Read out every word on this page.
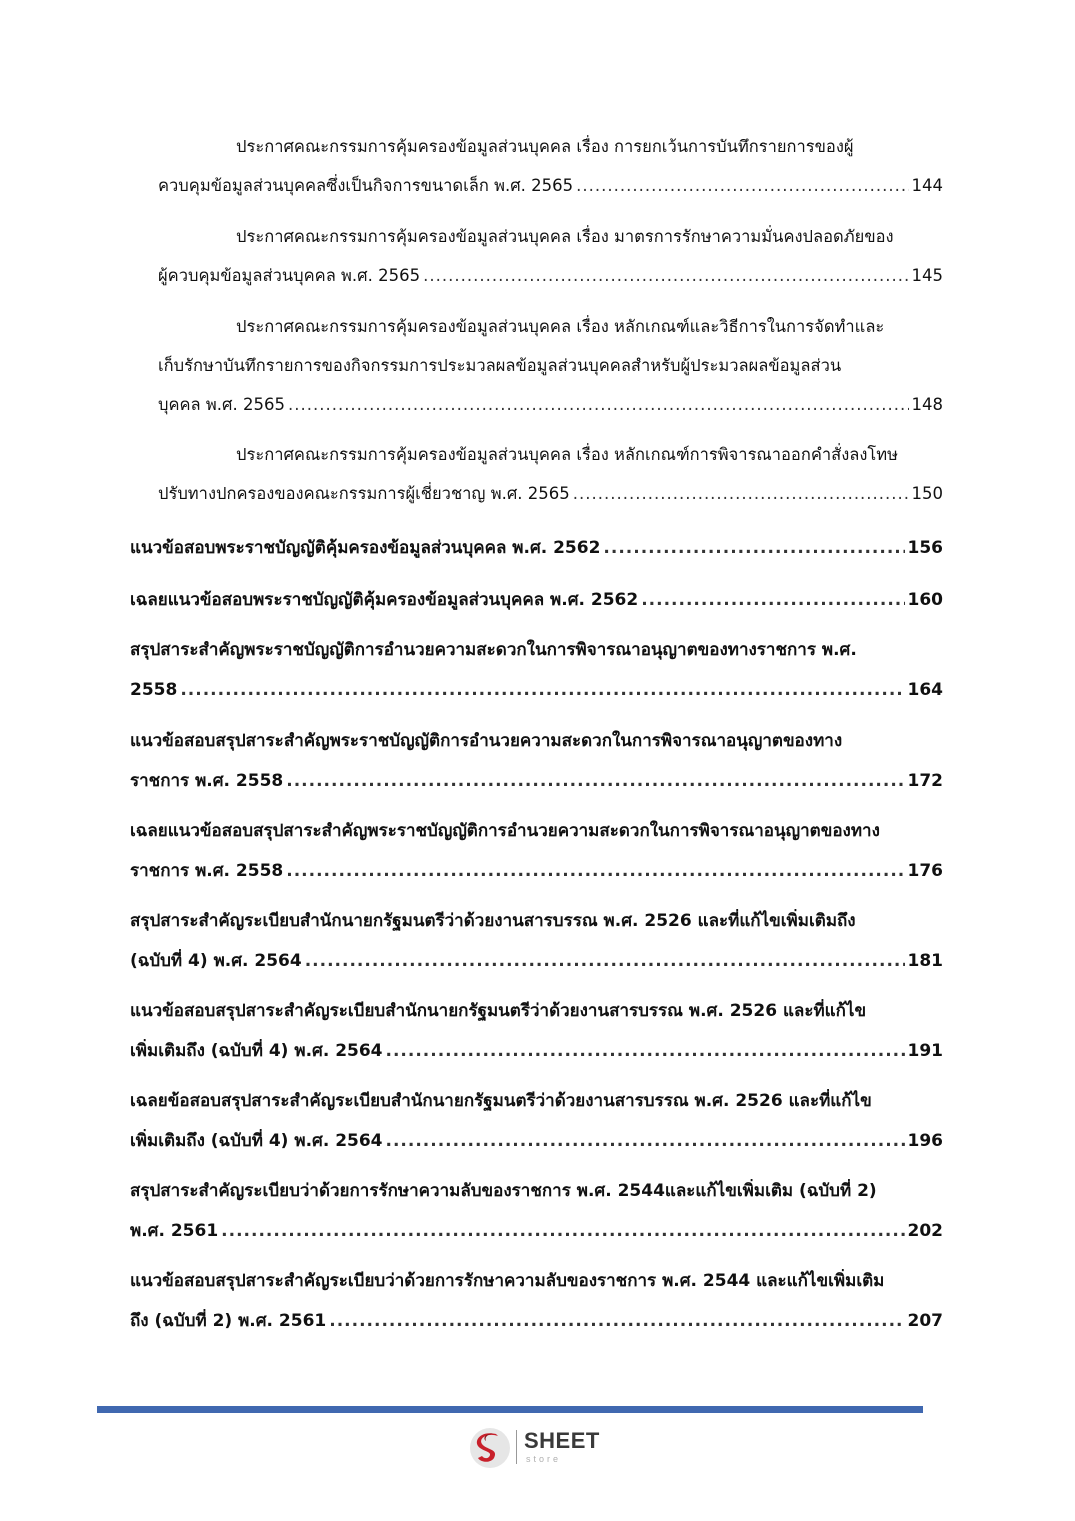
ประกาศคณะกรรมการคุ้มครองข้อมูลส่วนบุคคล เรื่อง การยกเว้นการบันทึกรายการของผู้
ควบคุมข้อมูลส่วนบุคคลซึ่งเป็นกิจการขนาดเล็ก พ.ศ. 2565 .....	144
ประกาศคณะกรรมการคุ้มครองข้อมูลส่วนบุคคล เรื่อง มาตรการรักษาความมั่นคงปลอดภัยของ
ผู้ควบคุมข้อมูลส่วนบุคคล พ.ศ. 2565 .....	145
ประกาศคณะกรรมการคุ้มครองข้อมูลส่วนบุคคล เรื่อง หลักเกณฑ์และวิธีการในการจัดทำและ
เก็บรักษาบันทึกรายการของกิจกรรมการประมวลผลข้อมูลส่วนบุคคลสำหรับผู้ประมวลผลข้อมูลส่วน
บุคคล พ.ศ. 2565 .....	148
ประกาศคณะกรรมการคุ้มครองข้อมูลส่วนบุคคล เรื่อง หลักเกณฑ์การพิจารณาออกคำสั่งลงโทษ
ปรับทางปกครองของคณะกรรมการผู้เชี่ยวชาญ พ.ศ. 2565 .....	150
แนวข้อสอบพระราชบัญญัติคุ้มครองข้อมูลส่วนบุคคล พ.ศ. 2562 .....	156
เฉลยแนวข้อสอบพระราชบัญญัติคุ้มครองข้อมูลส่วนบุคคล พ.ศ. 2562 .....	160
สรุปสาระสำคัญพระราชบัญญัติการอำนวยความสะดวกในการพิจารณาอนุญาตของทางราชการ พ.ศ.
2558 .....	164
แนวข้อสอบสรุปสาระสำคัญพระราชบัญญัติการอำนวยความสะดวกในการพิจารณาอนุญาตของทาง
ราชการ พ.ศ. 2558 .....	172
เฉลยแนวข้อสอบสรุปสาระสำคัญพระราชบัญญัติการอำนวยความสะดวกในการพิจารณาอนุญาตของทาง
ราชการ พ.ศ. 2558 .....	176
สรุปสาระสำคัญระเบียบสำนักนายกรัฐมนตรีว่าด้วยงานสารบรรณ พ.ศ. 2526 และที่แก้ไขเพิ่มเติมถึง
(ฉบับที่ 4) พ.ศ. 2564 .....	181
แนวข้อสอบสรุปสาระสำคัญระเบียบสำนักนายกรัฐมนตรีว่าด้วยงานสารบรรณ พ.ศ. 2526 และที่แก้ไข
เพิ่มเติมถึง (ฉบับที่ 4) พ.ศ. 2564 .....	191
เฉลยข้อสอบสรุปสาระสำคัญระเบียบสำนักนายกรัฐมนตรีว่าด้วยงานสารบรรณ พ.ศ. 2526 และที่แก้ไข
เพิ่มเติมถึง (ฉบับที่ 4) พ.ศ. 2564 .....	196
สรุปสาระสำคัญระเบียบว่าด้วยการรักษาความลับของราชการ พ.ศ. 2544และแก้ไขเพิ่มเติม (ฉบับที่ 2)
พ.ศ. 2561 .....	202
แนวข้อสอบสรุปสาระสำคัญระเบียบว่าด้วยการรักษาความลับของราชการ พ.ศ. 2544 และแก้ไขเพิ่มเติม
ถึง (ฉบับที่ 2) พ.ศ. 2561 .....	207
SHEET
store
